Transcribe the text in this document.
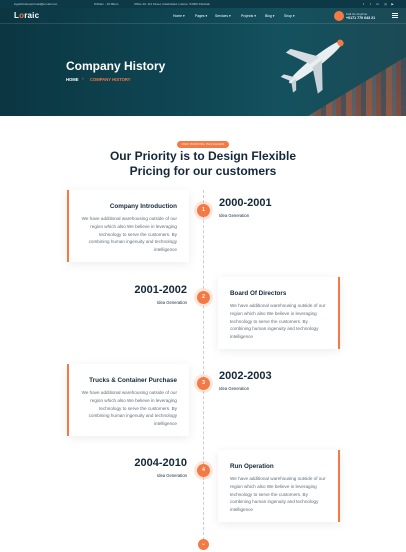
logistictransportmail@email.com	8:00am - 10:00pm	Office 20, 3rd Street, Fatehabad, Lahore, 54000 Pakistan	f	t	in ◎ ▶
Loraic	Home ▾	Pages ▾ Services ▾	Projects ▾	Blog ▾	Shop ▾	Call Us Anytime
+0171 770 643 21
Company History
HOME › COMPANY HISTORY
OUR PRICING PACKAGES
Our Priority is to Design Flexible
Pricing for our customers
Company Introduction
We have additional warehousing outside of our region which also We believe in leveraging technology to serve the customers. By combining human ingenuity and technology intelligence
1
2000-2001
Idea Generation
Board Of Directors
We have additional warehousing outside of our region which also We believe in leveraging technology to serve the customers. By combining human ingenuity and technology intelligence
2
2001-2002
Idea Generation
Trucks & Container Purchase
We have additional warehousing outside of our region which also We believe in leveraging technology to serve the customers. By combining human ingenuity and technology intelligence
3
2002-2003
Idea Generation
Run Operation
We have additional warehousing outside of our region which also We believe in leveraging technology to serve the customers. By combining human ingenuity and technology intelligence
4
2004-2010
Idea Generation
⌄
